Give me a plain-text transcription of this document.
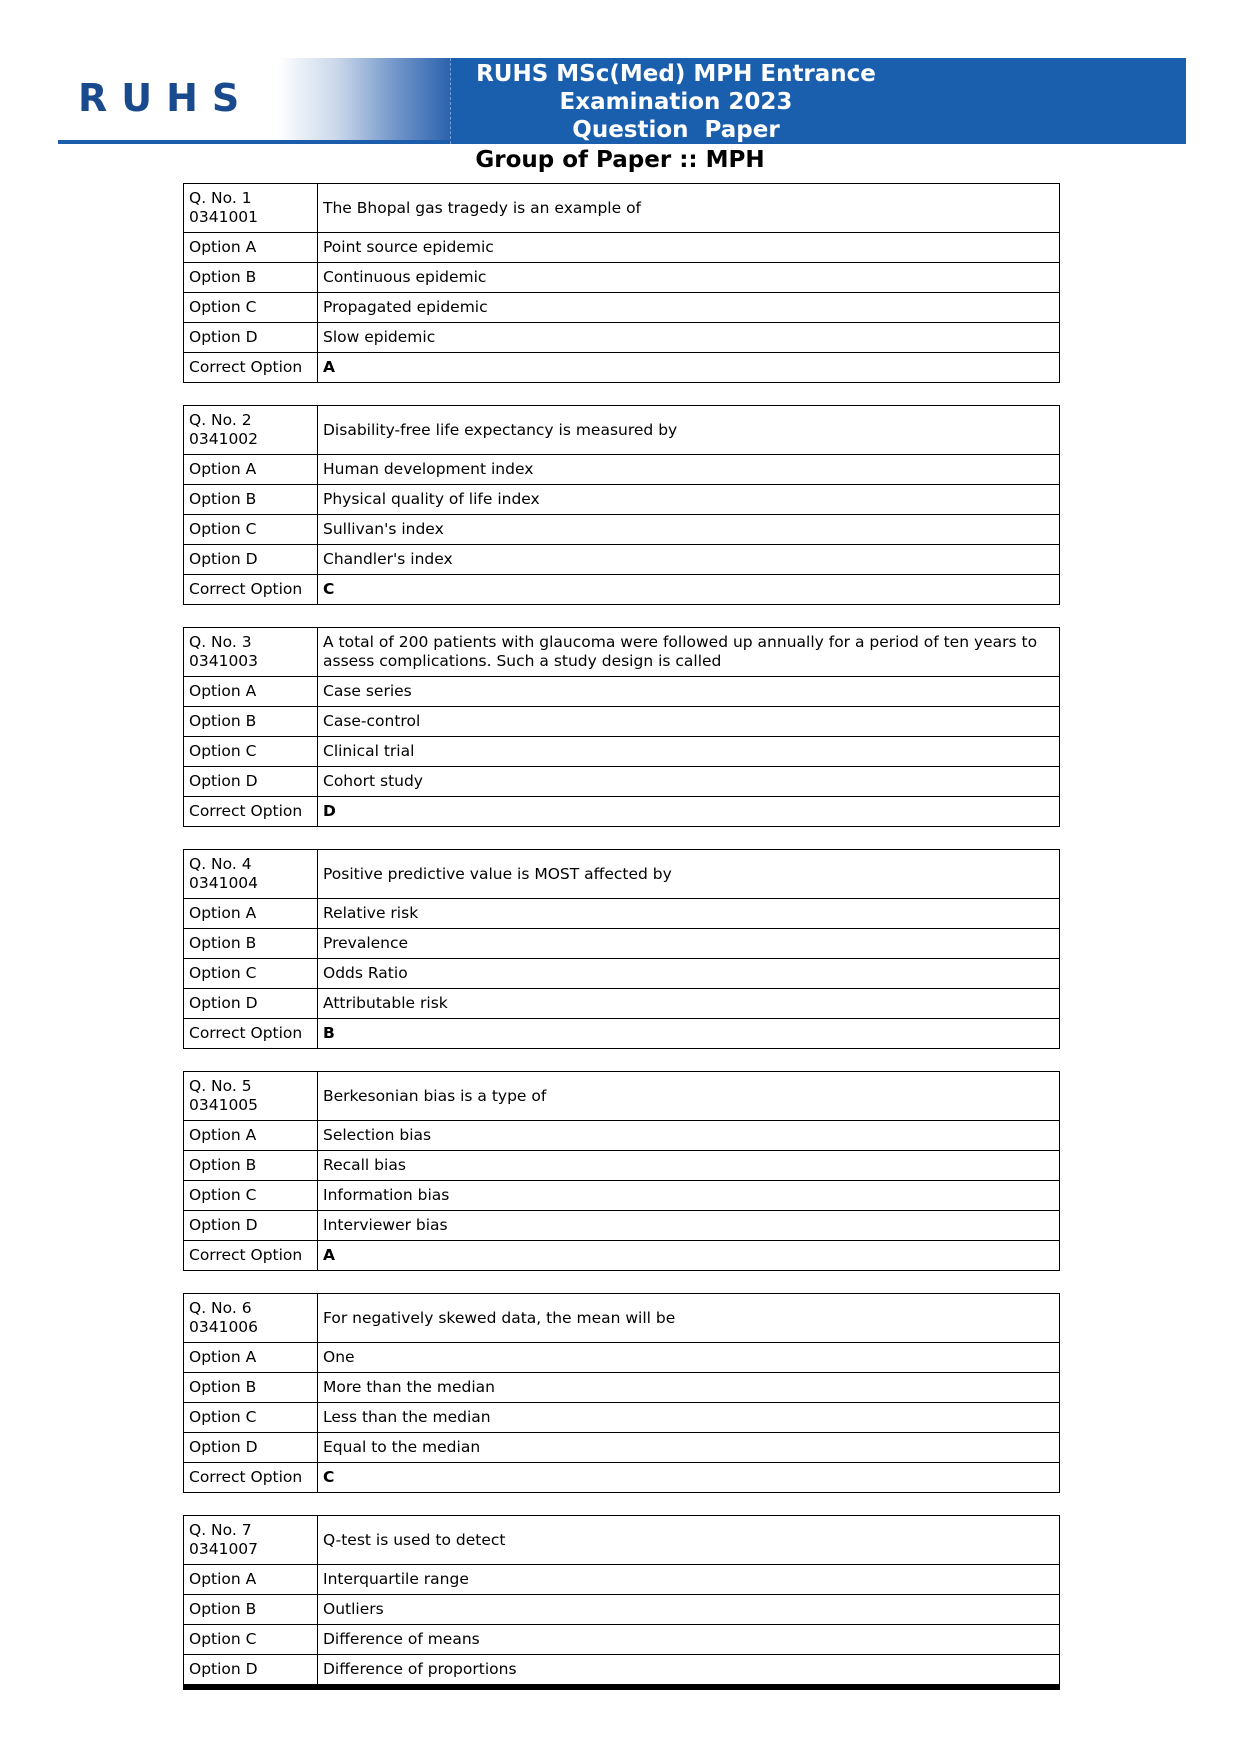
RUHS
RUHS MSc(Med) MPH Entrance
Examination 2023
Question  Paper
Group of Paper :: MPH
Q. No. 1
0341001	The Bhopal gas tragedy is an example of
Option A	Point source epidemic
Option B	Continuous epidemic
Option C	Propagated epidemic
Option D	Slow epidemic
Correct Option	A
Q. No. 2
0341002	Disability-free life expectancy is measured by
Option A	Human development index
Option B	Physical quality of life index
Option C	Sullivan's index
Option D	Chandler's index
Correct Option	C
Q. No. 3
0341003	A total of 200 patients with glaucoma were followed up annually for a period of ten years to assess complications. Such a study design is called
Option A	Case series
Option B	Case-control
Option C	Clinical trial
Option D	Cohort study
Correct Option	D
Q. No. 4
0341004	Positive predictive value is MOST affected by
Option A	Relative risk
Option B	Prevalence
Option C	Odds Ratio
Option D	Attributable risk
Correct Option	B
Q. No. 5
0341005	Berkesonian bias is a type of
Option A	Selection bias
Option B	Recall bias
Option C	Information bias
Option D	Interviewer bias
Correct Option	A
Q. No. 6
0341006	For negatively skewed data, the mean will be
Option A	One
Option B	More than the median
Option C	Less than the median
Option D	Equal to the median
Correct Option	C
Q. No. 7
0341007	Q-test is used to detect
Option A	Interquartile range
Option B	Outliers
Option C	Difference of means
Option D	Difference of proportions
